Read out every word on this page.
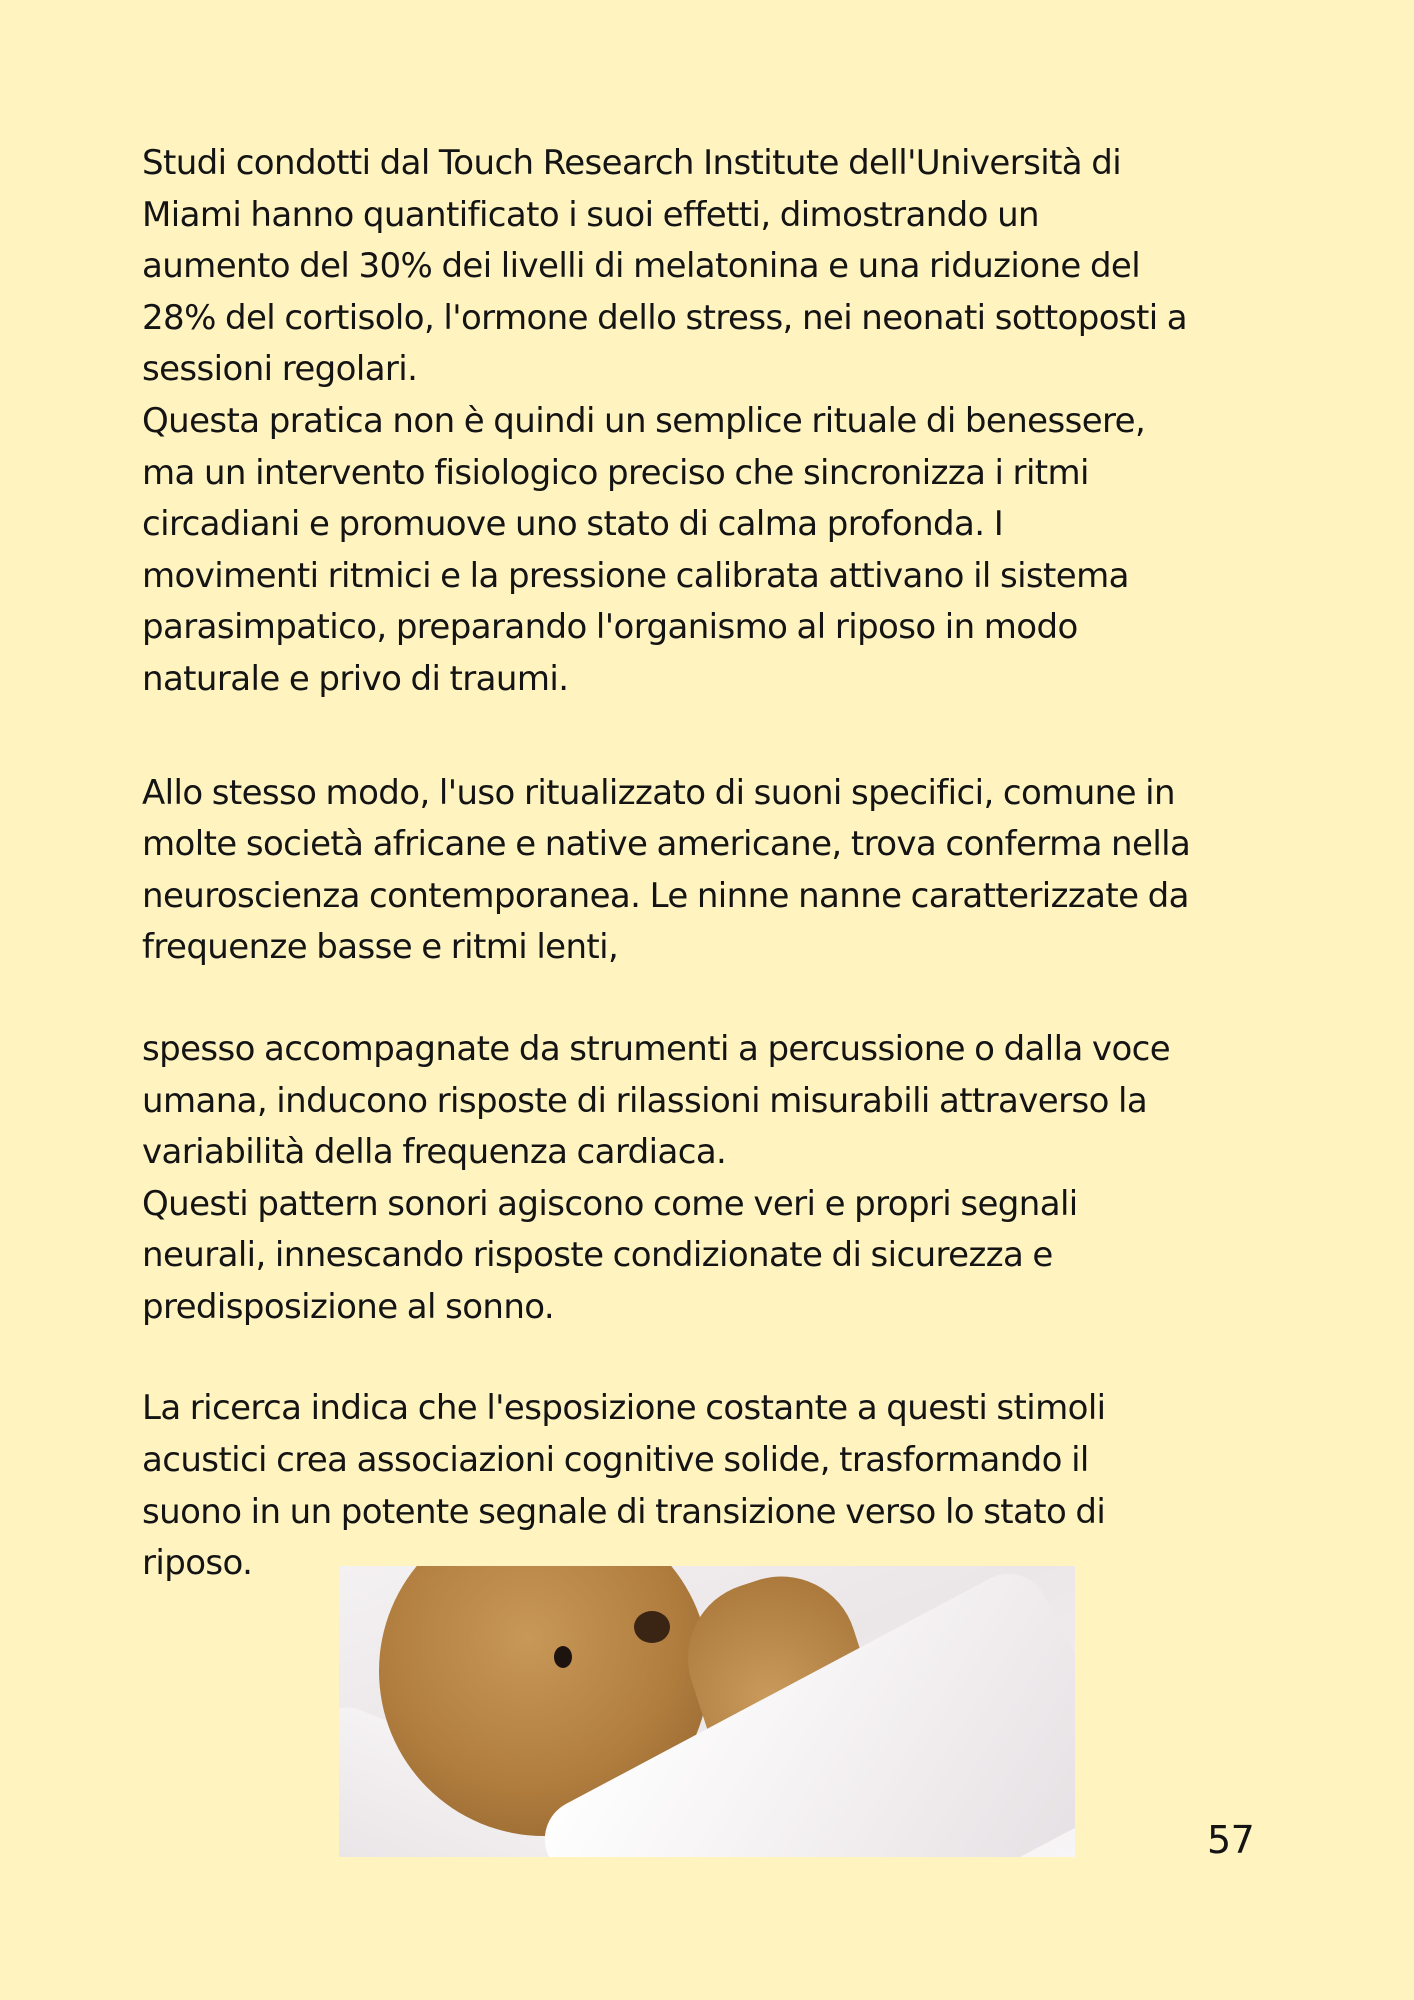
Studi condotti dal Touch Research Institute dell'Università di
Miami hanno quantificato i suoi effetti, dimostrando un
aumento del 30% dei livelli di melatonina e una riduzione del
28% del cortisolo, l'ormone dello stress, nei neonati sottoposti a
sessioni regolari.
Questa pratica non è quindi un semplice rituale di benessere,
ma un intervento fisiologico preciso che sincronizza i ritmi
circadiani e promuove uno stato di calma profonda. I
movimenti ritmici e la pressione calibrata attivano il sistema
parasimpatico, preparando l'organismo al riposo in modo
naturale e privo di traumi.
Allo stesso modo, l'uso ritualizzato di suoni specifici, comune in
molte società africane e native americane, trova conferma nella
neuroscienza contemporanea. Le ninne nanne caratterizzate da
frequenze basse e ritmi lenti,
spesso accompagnate da strumenti a percussione o dalla voce
umana, inducono risposte di rilassioni misurabili attraverso la
variabilità della frequenza cardiaca.
Questi pattern sonori agiscono come veri e propri segnali
neurali, innescando risposte condizionate di sicurezza e
predisposizione al sonno.
La ricerca indica che l'esposizione costante a questi stimoli
acustici crea associazioni cognitive solide, trasformando il
suono in un potente segnale di transizione verso lo stato di
riposo.
57
